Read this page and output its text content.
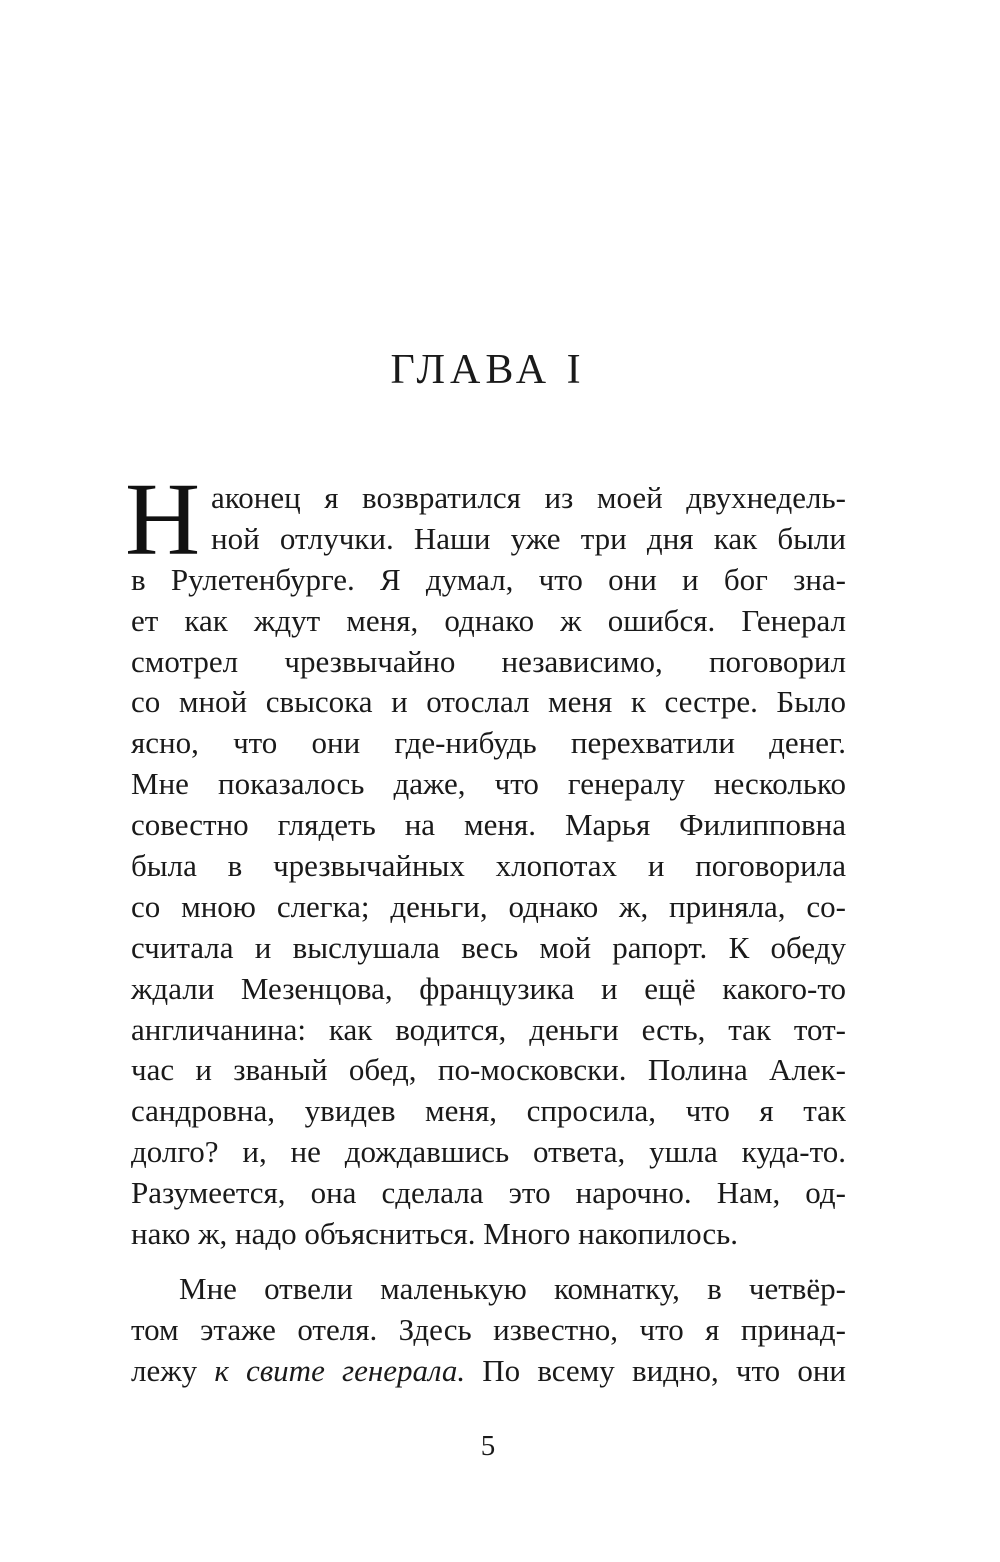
ГЛАВА I
Н аконец я возвратился из моей двухнедель-
ной отлучки. Наши уже три дня как были
в Рулетенбурге. Я думал, что они и бог зна-
ет как ждут меня, однако ж ошибся. Генерал
смотрел чрезвычайно независимо, поговорил
со мной свысока и отослал меня к сестре. Было
ясно, что они где-нибудь перехватили денег.
Мне показалось даже, что генералу несколько
совестно глядеть на меня. Марья Филипповна
была в чрезвычайных хлопотах и поговорила
со мною слегка; деньги, однако ж, приняла, со-
считала и выслушала весь мой рапорт. К обеду
ждали Мезенцова, французика и ещё какого-то
англичанина: как водится, деньги есть, так тот-
час и званый обед, по-московски. Полина Алек-
сандровна, увидев меня, спросила, что я так
долго? и, не дождавшись ответа, ушла куда-то.
Разумеется, она сделала это нарочно. Нам, од-
нако ж, надо объясниться. Много накопилось.
Мне отвели маленькую комнатку, в четвёр-
том этаже отеля. Здесь известно, что я принад-
лежу к свите генерала. По всему видно, что они
5
